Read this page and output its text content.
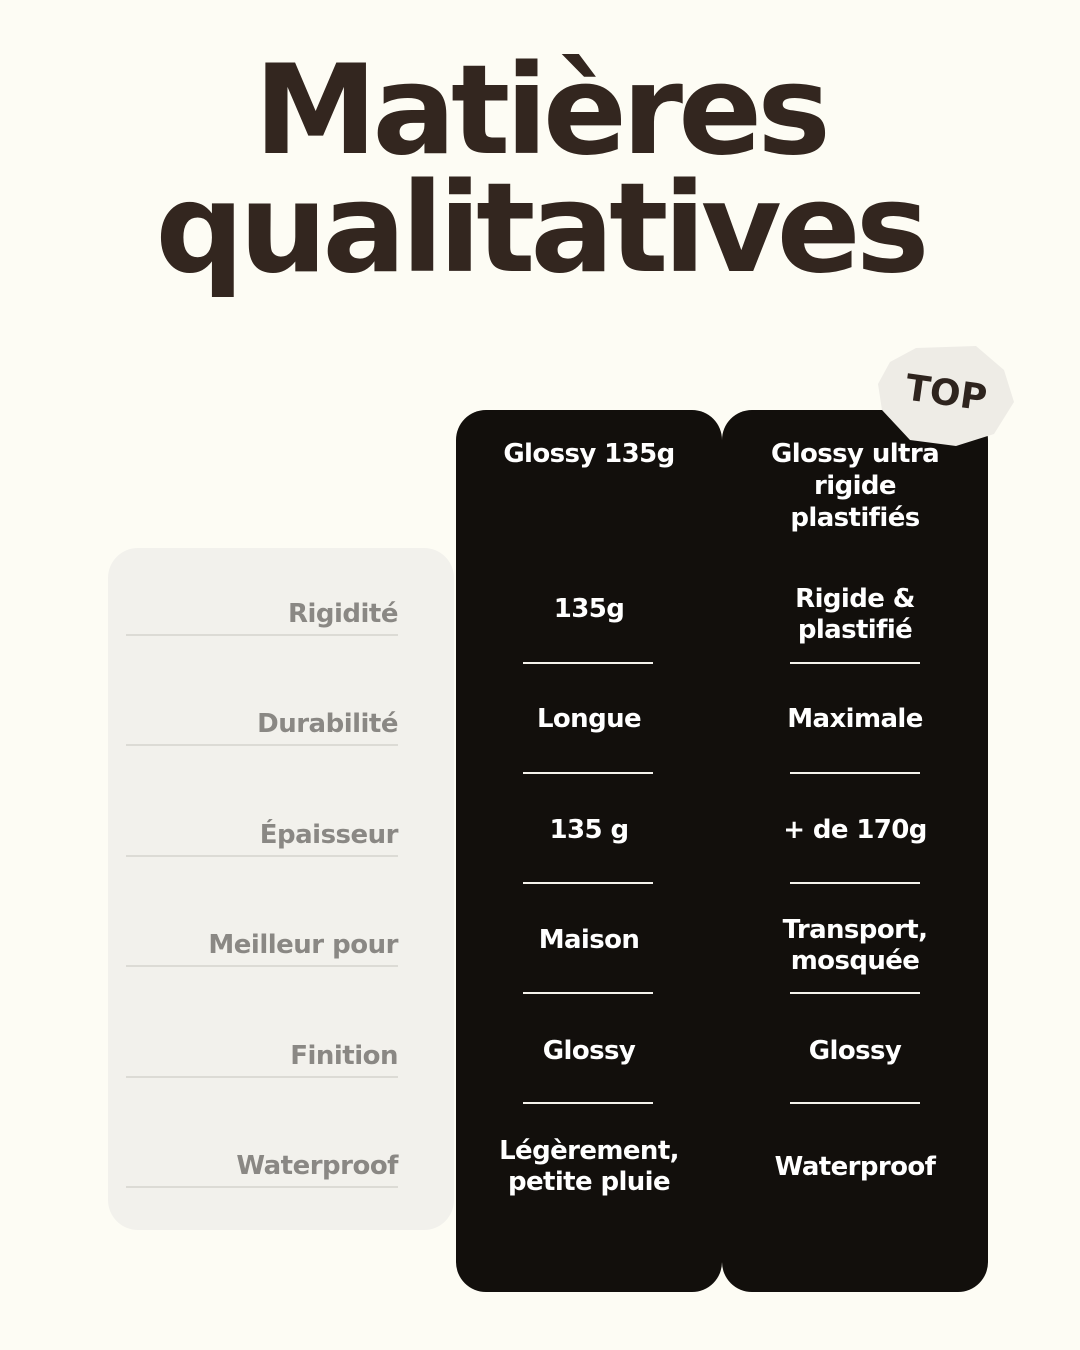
Matières
qualitatives
Rigidité
Durabilité
Épaisseur
Meilleur pour
Finition
Waterproof
Glossy 135g	Glossy ultra rigide plastifiés
135g
Longue
135 g
Maison
Glossy
Légèrement, petite pluie
Rigide & plastifié
Maximale
+ de 170g
Transport, mosquée
Glossy
Waterproof
TOP
